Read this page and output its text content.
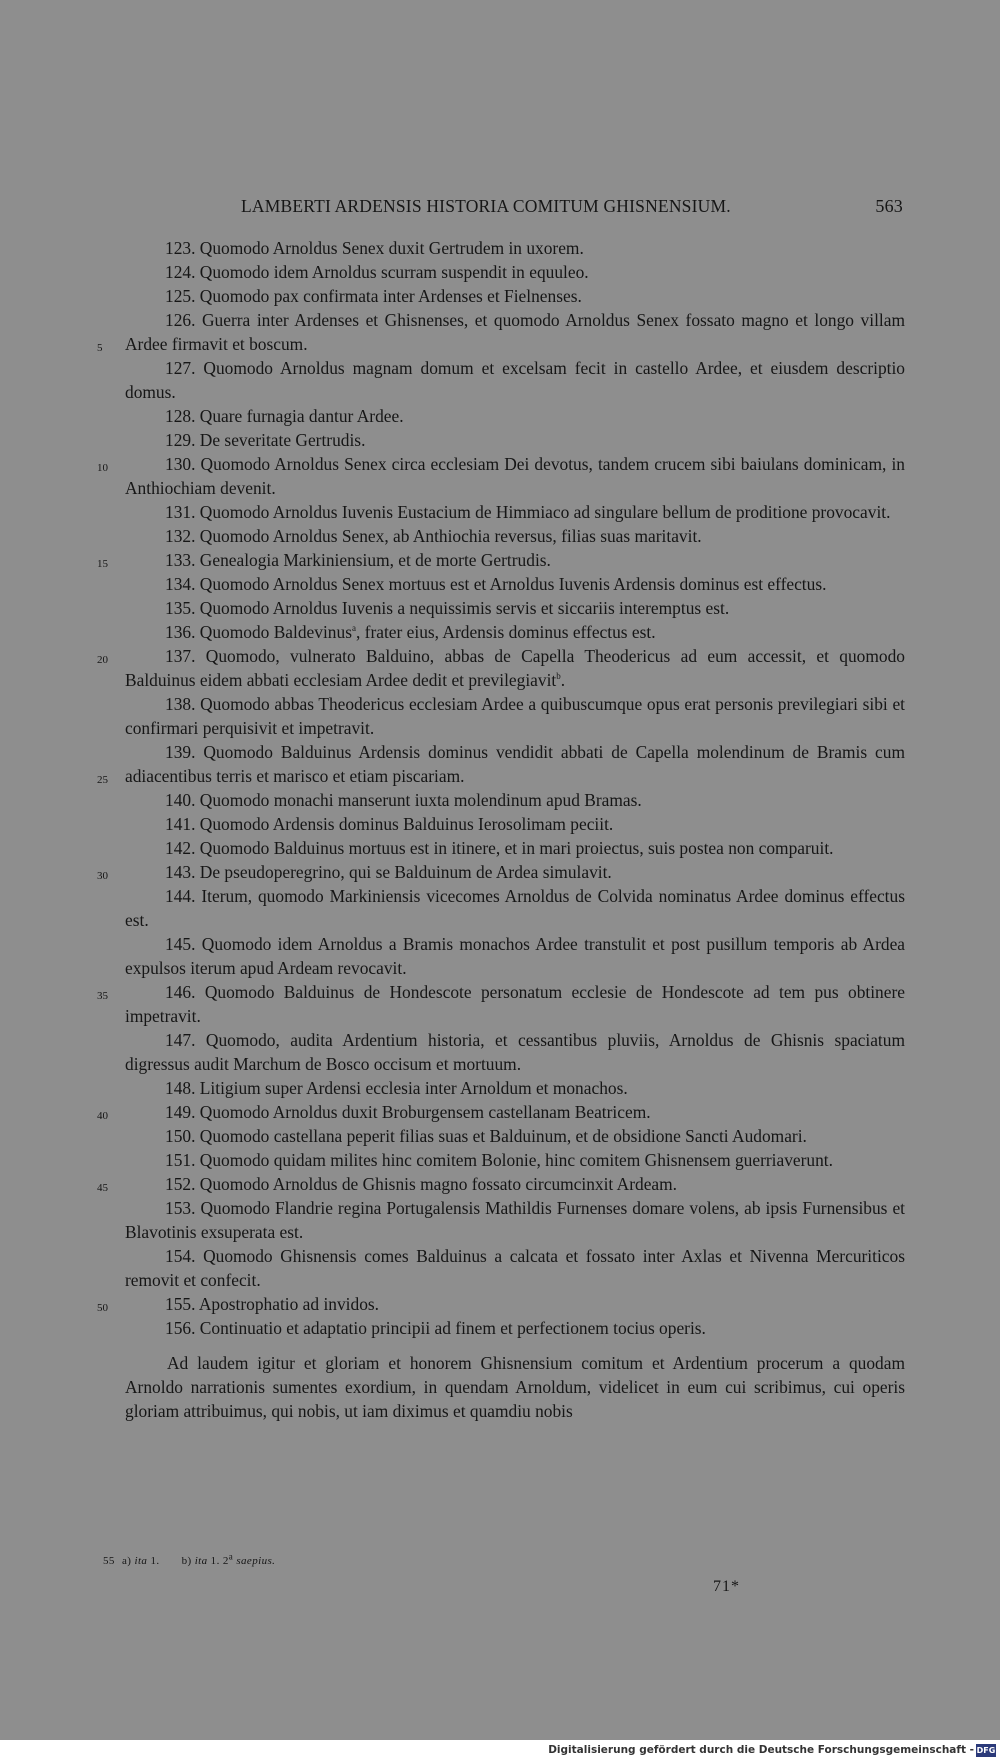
LAMBERTI ARDENSIS HISTORIA COMITUM GHISNENSIUM.	563

123. Quomodo Arnoldus Senex duxit Gertrudem in uxorem.

124. Quomodo idem Arnoldus scurram suspendit in equuleo.

125. Quomodo pax confirmata inter Ardenses et Fielnenses.

5
126. Guerra inter Ardenses et Ghisnenses, et quomodo Arnoldus Senex fossato magno et longo villam Ardee firmavit et boscum.

127. Quomodo Arnoldus magnam domum et excelsam fecit in castello Ardee, et eiusdem descriptio domus.

128. Quare furnagia dantur Ardee.

129. De severitate Gertrudis.

10	130. Quomodo Arnoldus Senex circa ecclesiam Dei devotus, tandem crucem sibi baiulans dominicam, in Anthiochiam devenit.

131. Quomodo Arnoldus Iuvenis Eustacium de Himmiaco ad singulare bellum de proditione provocavit.

132. Quomodo Arnoldus Senex, ab Anthiochia reversus, filias suas maritavit.

15	133. Genealogia Markiniensium, et de morte Gertrudis.

134. Quomodo Arnoldus Senex mortuus est et Arnoldus Iuvenis Ardensis dominus est effectus.

135. Quomodo Arnoldus Iuvenis a nequissimis servis et siccariis interemptus est.

136. Quomodo Baldevinus$^a$, frater eius, Ardensis dominus effectus est.

20	137. Quomodo, vulnerato Balduino, abbas de Capella Theodericus ad eum accessit, et quomodo Balduinus eidem abbati ecclesiam Ardee dedit et previlegiavit$^b$.

138. Quomodo abbas Theodericus ecclesiam Ardee a quibuscumque opus erat personis previlegiari sibi et confirmari perquisivit et impetravit.

25
139. Quomodo Balduinus Ardensis dominus vendidit abbati de Capella molendinum de Bramis cum adiacentibus terris et marisco et etiam piscariam.

140. Quomodo monachi manserunt iuxta molendinum apud Bramas.

141. Quomodo Ardensis dominus Balduinus Ierosolimam peciit.

142. Quomodo Balduinus mortuus est in itinere, et in mari proiectus, suis postea non comparuit.

30	143. De pseudoperegrino, qui se Balduinum de Ardea simulavit.

144. Iterum, quomodo Markiniensis vicecomes Arnoldus de Colvida nominatus Ardee dominus effectus est.

145. Quomodo idem Arnoldus a Bramis monachos Ardee transtulit et post pusillum temporis ab Ardea expulsos iterum apud Ardeam revocavit.

35	146. Quomodo Balduinus de Hondescote personatum ecclesie de Hondescote ad tem pus obtinere impetravit.

147. Quomodo, audita Ardentium historia, et cessantibus pluviis, Arnoldus de Ghisnis spaciatum digressus audit Marchum de Bosco occisum et mortuum.

148. Litigium super Ardensi ecclesia inter Arnoldum et monachos.

40	149. Quomodo Arnoldus duxit Broburgensem castellanam Beatricem.

150. Quomodo castellana peperit filias suas et Balduinum, et de obsidione Sancti Audomari.

151. Quomodo quidam milites hinc comitem Bolonie, hinc comitem Ghisnensem guerriaverunt.

45	152. Quomodo Arnoldus de Ghisnis magno fossato circumcinxit Ardeam.

153. Quomodo Flandrie regina Portugalensis Mathildis Furnenses domare volens, ab ipsis Furnensibus et Blavotinis exsuperata est.

154. Quomodo Ghisnensis comes Balduinus a calcata et fossato inter Axlas et Nivenna Mercuriticos removit et confecit.

50	155. Apostrophatio ad invidos.

156. Continuatio et adaptatio principii ad finem et perfectionem tocius operis.

Ad laudem igitur et gloriam et honorem Ghisnensium comitum et Ardentium procerum a quodam Arnoldo narrationis sumentes exordium, in quendam Arnoldum, videlicet in eum cui scribimus, cui operis gloriam attribuimus, qui nobis, ut iam diximus et quamdiu nobis

55 a) ita 1. b) ita 1. 2$^a$ saepius.
71*
Digitalisierung gefördert durch die Deutsche Forschungsgemeinschaft - DFG
